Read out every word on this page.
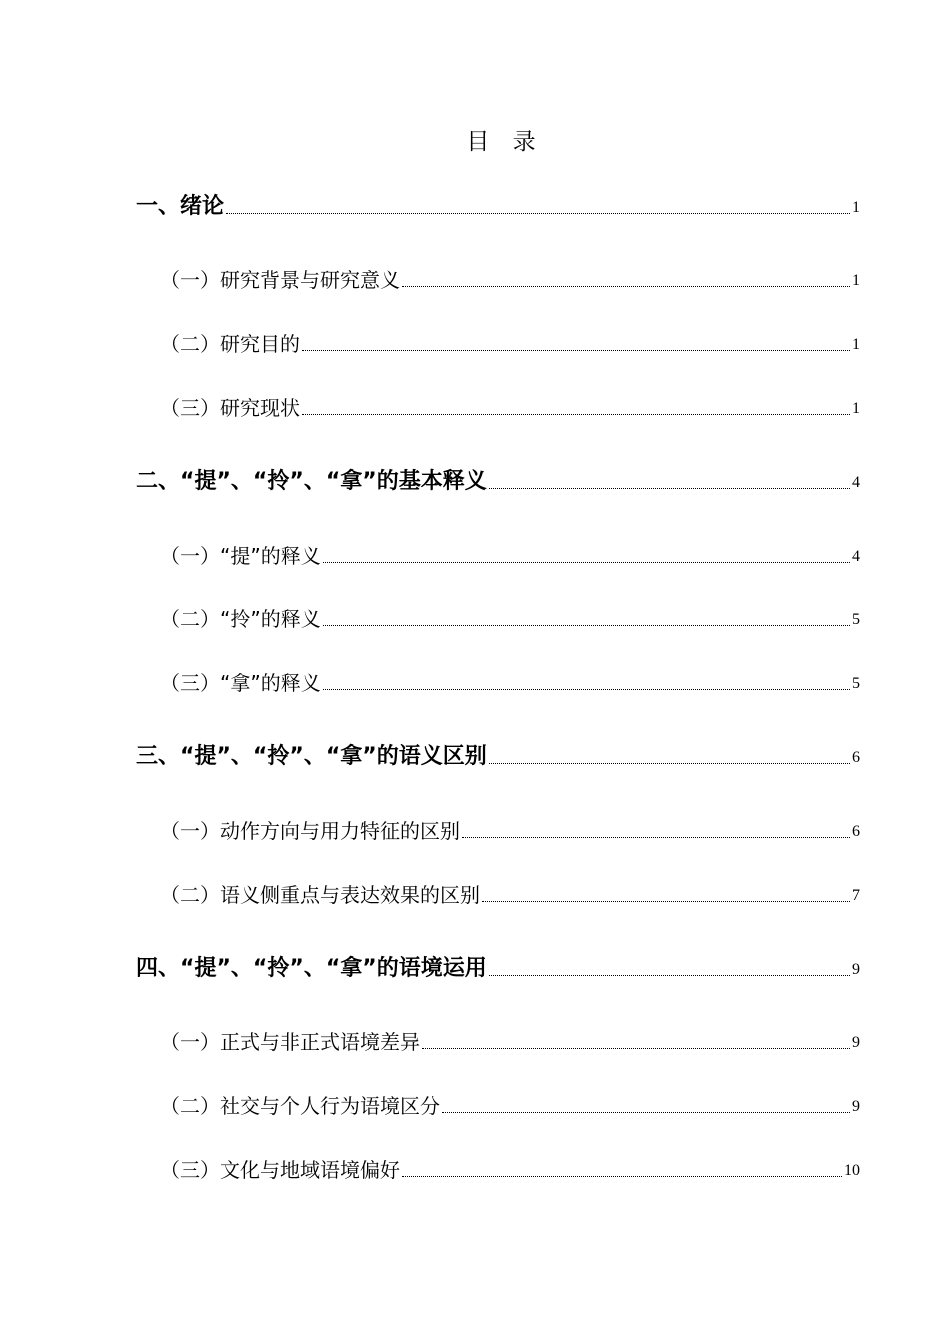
目 录
一、绪论	1
（一）研究背景与研究意义	1
（二）研究目的	1
（三）研究现状	1
二、“提”、“拎”、“拿”的基本释义	4
（一）“提”的释义	4
（二）“拎”的释义	5
（三）“拿”的释义	5
三、“提”、“拎”、“拿”的语义区别	6
（一）动作方向与用力特征的区别	6
（二）语义侧重点与表达效果的区别	7
四、“提”、“拎”、“拿”的语境运用	9
（一）正式与非正式语境差异	9
（二）社交与个人行为语境区分	9
（三）文化与地域语境偏好	10
